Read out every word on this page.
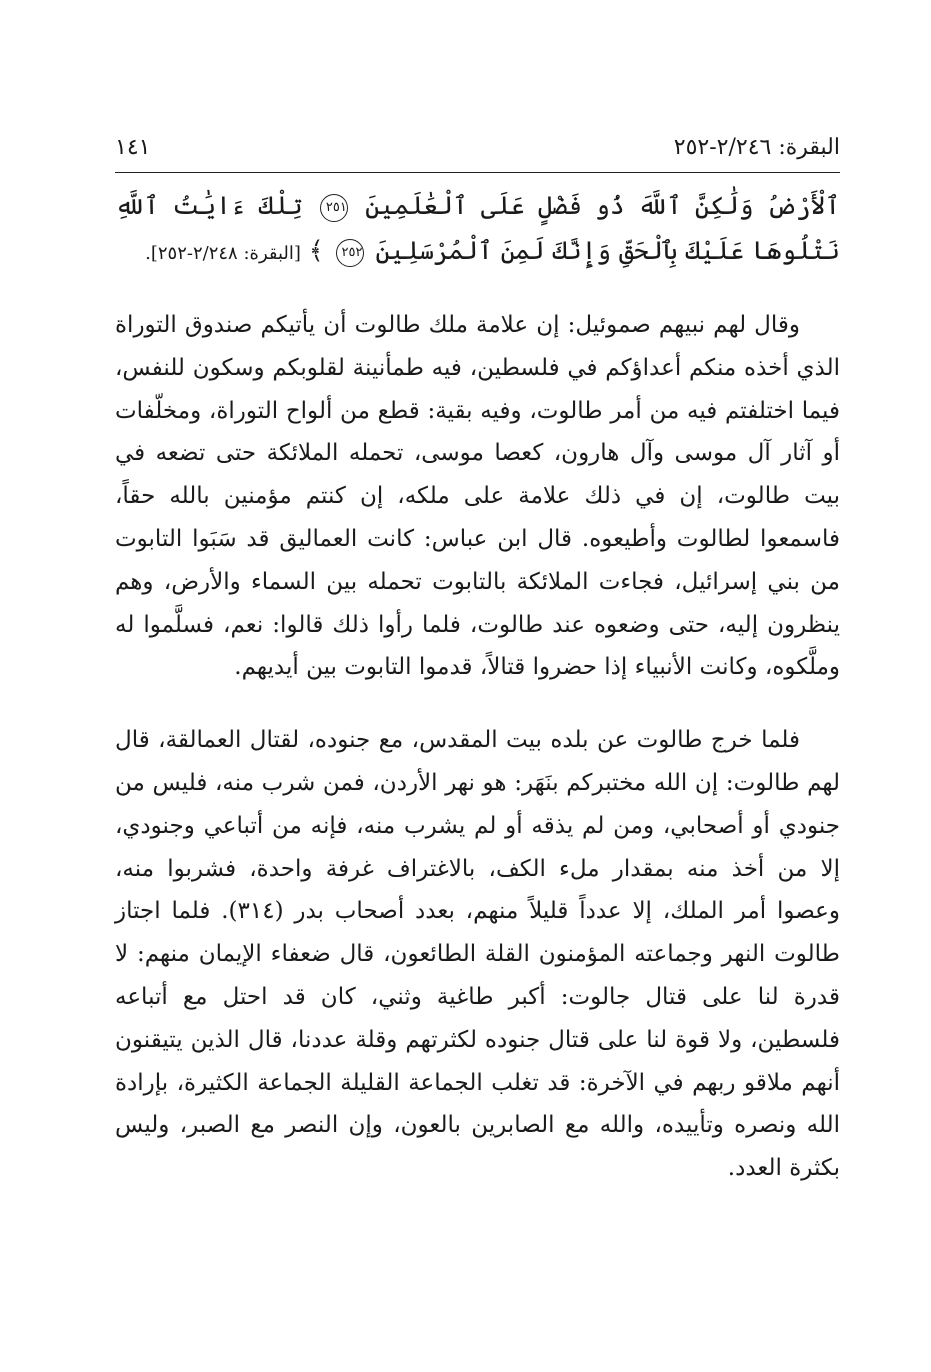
البقرة: ٢/٢٤٦-٢٥٢
١٤١
ٱلْأَرْضُ وَلَٰكِنَّ ٱللَّهَ ذُو فَضْلٍ عَلَى ٱلْعَٰلَمِينَ ٢٥١ تِلْكَ ءَايَٰتُ ٱللَّهِ نَتْلُوهَا عَلَيْكَ بِٱلْحَقِّ وَإِنَّكَ لَمِنَ ٱلْمُرْسَلِينَ ٢٥٢ ﴾ [البقرة: ٢/٢٤٨-٢٥٢].

وقال لهم نبيهم صموئيل: إن علامة ملك طالوت أن يأتيكم صندوق التوراة الذي أخذه منكم أعداؤكم في فلسطين، فيه طمأنينة لقلوبكم وسكون للنفس، فيما اختلفتم فيه من أمر طالوت، وفيه بقية: قطع من ألواح التوراة، ومخلّفات أو آثار آل موسى وآل هارون، كعصا موسى، تحمله الملائكة حتى تضعه في بيت طالوت، إن في ذلك علامة على ملكه، إن كنتم مؤمنين بالله حقاً، فاسمعوا لطالوت وأطيعوه. قال ابن عباس: كانت العماليق قد سَبَوا التابوت من بني إسرائيل، فجاءت الملائكة بالتابوت تحمله بين السماء والأرض، وهم ينظرون إليه، حتى وضعوه عند طالوت، فلما رأوا ذلك قالوا: نعم، فسلَّموا له وملَّكوه، وكانت الأنبياء إذا حضروا قتالاً، قدموا التابوت بين أيديهم.

فلما خرج طالوت عن بلده بيت المقدس، مع جنوده، لقتال العمالقة، قال لهم طالوت: إن الله مختبركم بنَهَر: هو نهر الأردن، فمن شرب منه، فليس من جنودي أو أصحابي، ومن لم يذقه أو لم يشرب منه، فإنه من أتباعي وجنودي، إلا من أخذ منه بمقدار ملء الكف، بالاغتراف غرفة واحدة، فشربوا منه، وعصوا أمر الملك، إلا عدداً قليلاً منهم، بعدد أصحاب بدر (٣١٤). فلما اجتاز طالوت النهر وجماعته المؤمنون القلة الطائعون، قال ضعفاء الإيمان منهم: لا قدرة لنا على قتال جالوت: أكبر طاغية وثني، كان قد احتل مع أتباعه فلسطين، ولا قوة لنا على قتال جنوده لكثرتهم وقلة عددنا، قال الذين يتيقنون أنهم ملاقو ربهم في الآخرة: قد تغلب الجماعة القليلة الجماعة الكثيرة، بإرادة الله ونصره وتأييده، والله مع الصابرين بالعون، وإن النصر مع الصبر، وليس بكثرة العدد.
